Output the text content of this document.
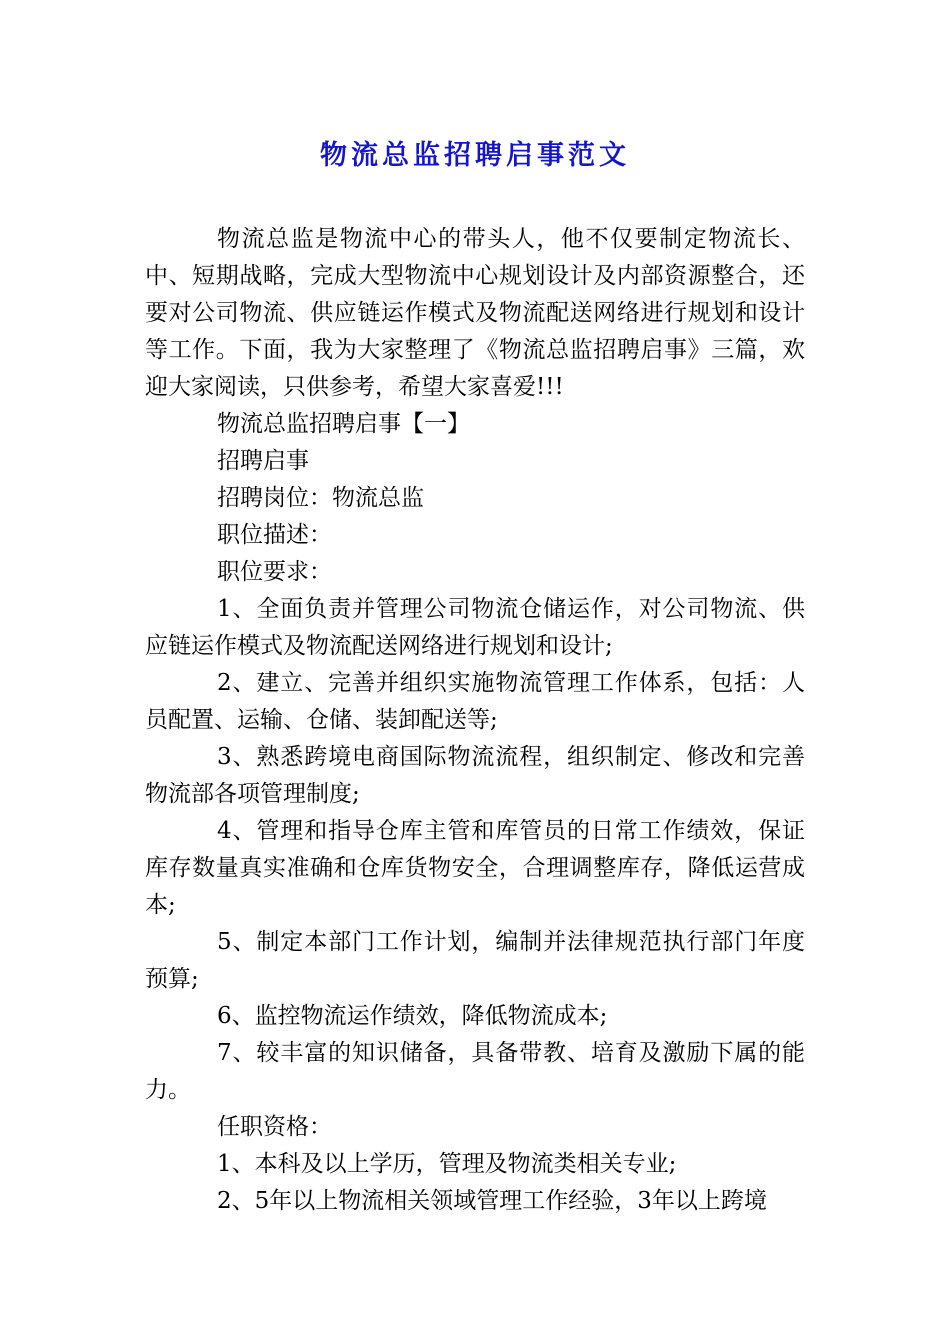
物流总监招聘启事范文

物流总监是物流中心的带头人，他不仅要制定物流长、中、短期战略，完成大型物流中心规划设计及内部资源整合，还要对公司物流、供应链运作模式及物流配送网络进行规划和设计等工作。下面，我为大家整理了《物流总监招聘启事》三篇，欢迎大家阅读，只供参考，希望大家喜爱!!!

物流总监招聘启事【一】

招聘启事

招聘岗位：物流总监

职位描述：

职位要求：

1、全面负责并管理公司物流仓储运作，对公司物流、供应链运作模式及物流配送网络进行规划和设计;

2、建立、完善并组织实施物流管理工作体系，包括：人员配置、运输、仓储、装卸配送等;

3、熟悉跨境电商国际物流流程，组织制定、修改和完善物流部各项管理制度;

4、管理和指导仓库主管和库管员的日常工作绩效，保证库存数量真实准确和仓库货物安全，合理调整库存，降低运营成本;

5、制定本部门工作计划，编制并法律规范执行部门年度预算;

6、监控物流运作绩效，降低物流成本;

7、较丰富的知识储备，具备带教、培育及激励下属的能力。

任职资格：

1、本科及以上学历，管理及物流类相关专业;

2、5年以上物流相关领域管理工作经验，3年以上跨境
